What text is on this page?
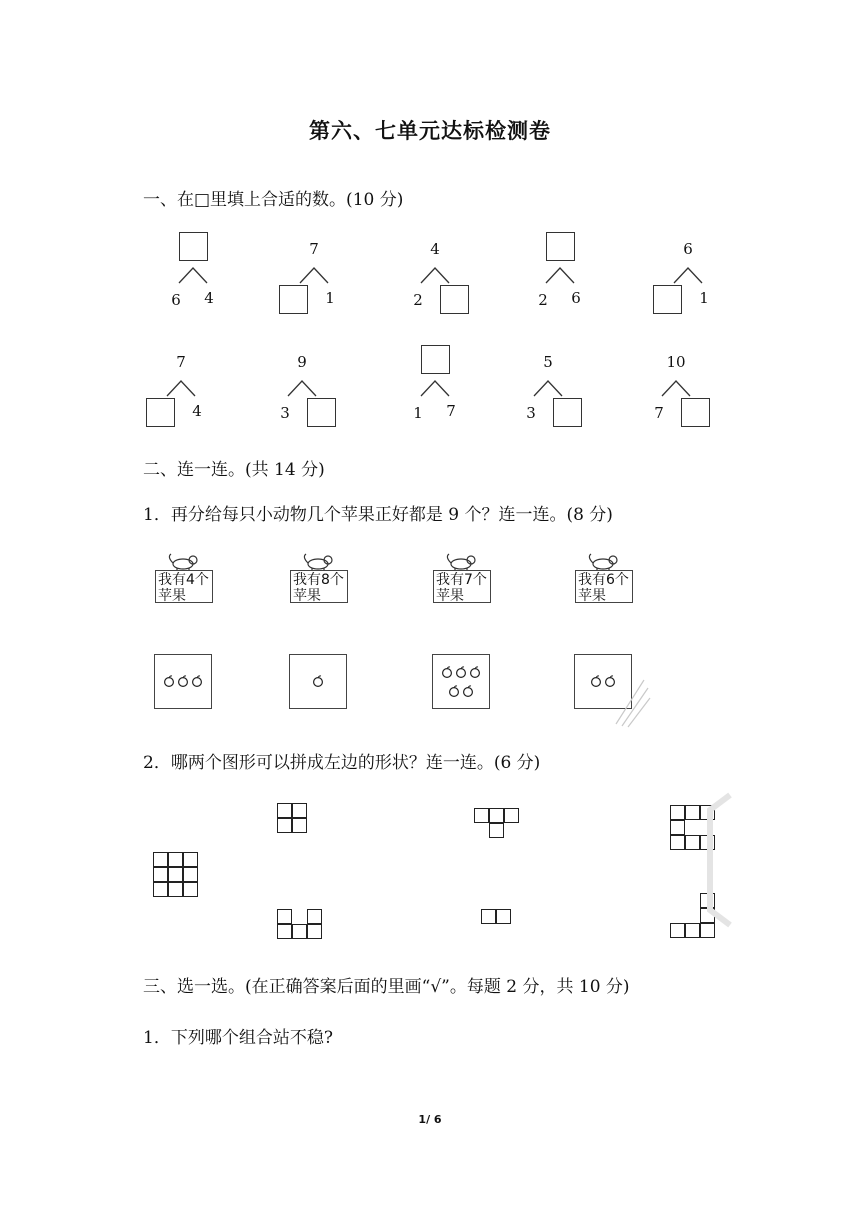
第六、七单元达标检测卷
一、在□里填上合适的数。(10 分)
6	4
7
1
4
2	2	6
6
1
7
4
9
3	1	7
5
3
10
7
二、连一连。(共 14 分)
1．再分给每只小动物几个苹果正好都是 9 个？连一连。(8 分)
我有4个
苹果
我有8个
苹果
我有7个
苹果
我有6个
苹果
2．哪两个图形可以拼成左边的形状？连一连。(6 分)
三、选一选。(在正确答案后面的里画“√”。每题 2 分，共 10 分)
1．下列哪个组合站不稳?
1/ 6
